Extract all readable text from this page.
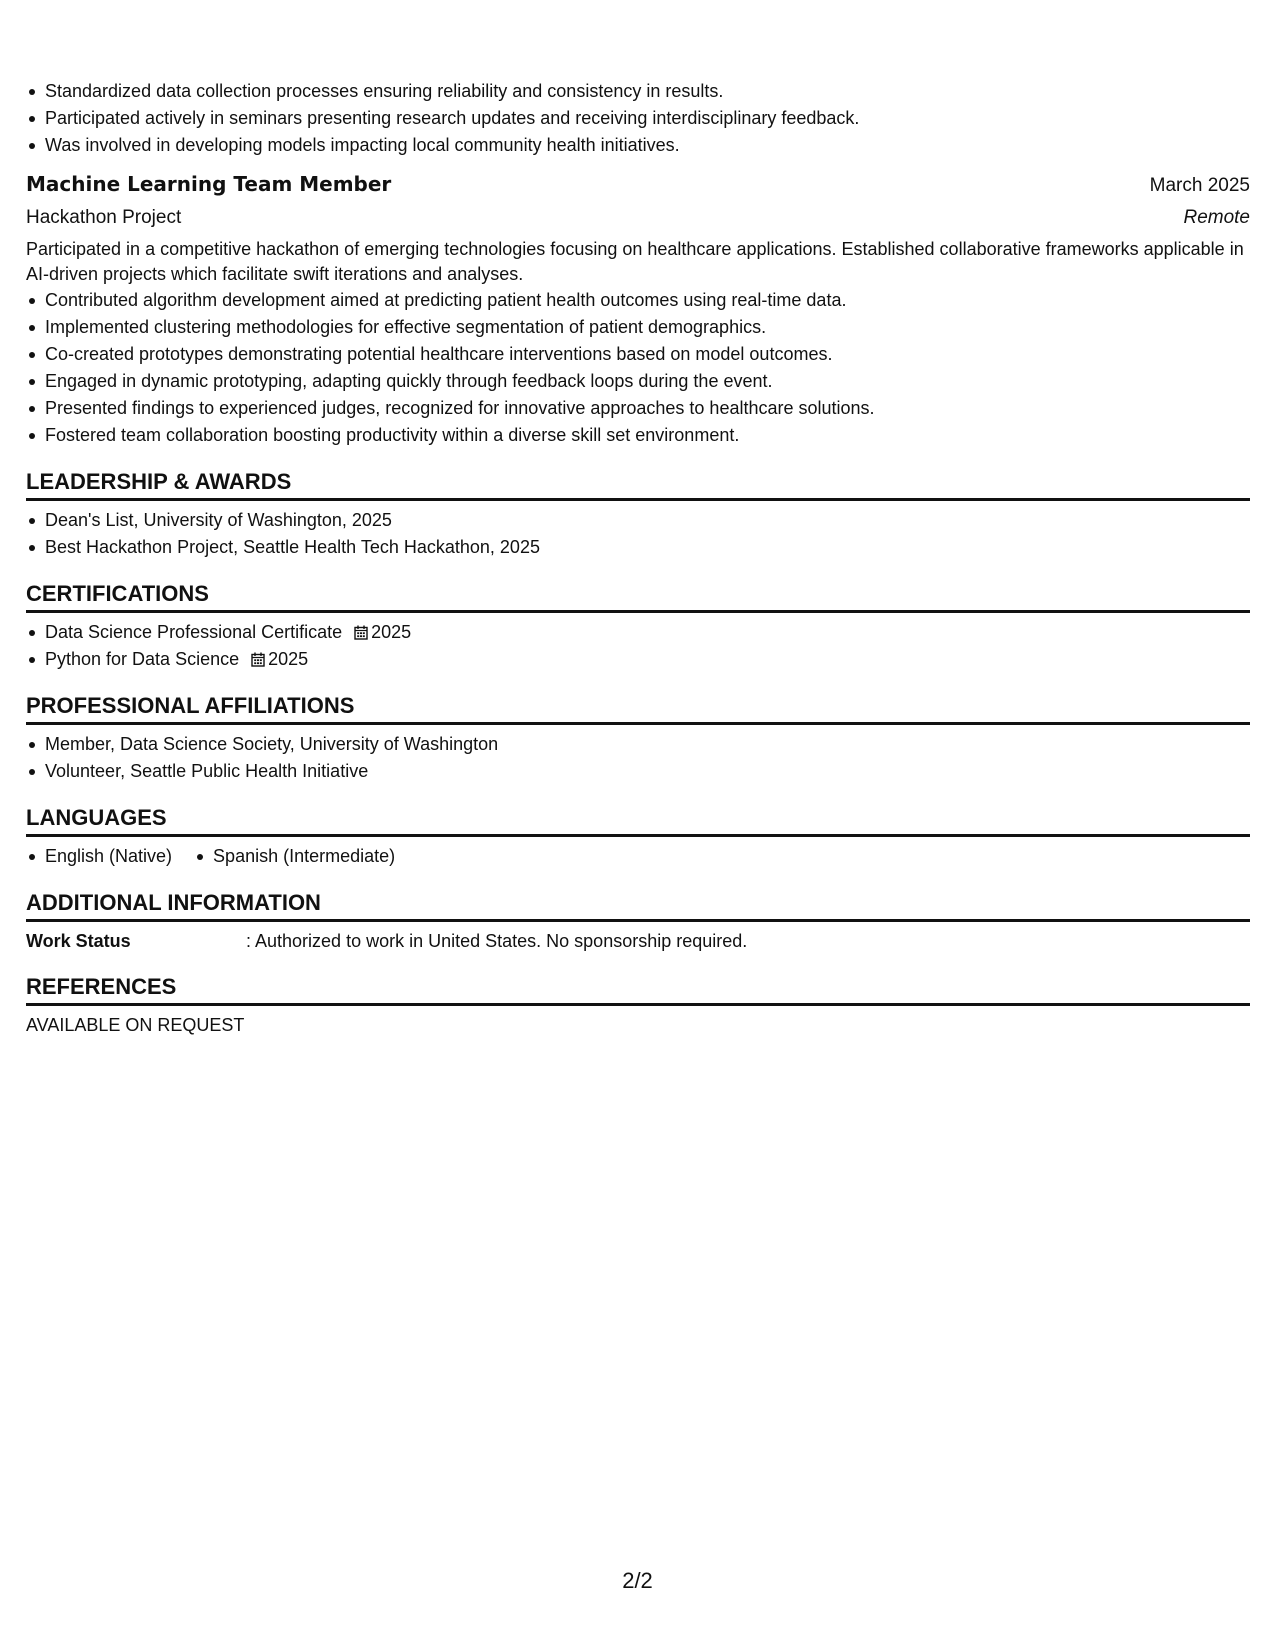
Standardized data collection processes ensuring reliability and consistency in results.
Participated actively in seminars presenting research updates and receiving interdisciplinary feedback.
Was involved in developing models impacting local community health initiatives.
Machine Learning Team Member	March 2025
Hackathon Project	Remote
Participated in a competitive hackathon of emerging technologies focusing on healthcare applications. Established collaborative frameworks applicable in AI-driven projects which facilitate swift iterations and analyses.
Contributed algorithm development aimed at predicting patient health outcomes using real-time data.
Implemented clustering methodologies for effective segmentation of patient demographics.
Co-created prototypes demonstrating potential healthcare interventions based on model outcomes.
Engaged in dynamic prototyping, adapting quickly through feedback loops during the event.
Presented findings to experienced judges, recognized for innovative approaches to healthcare solutions.
Fostered team collaboration boosting productivity within a diverse skill set environment.
LEADERSHIP & AWARDS
Dean's List, University of Washington, 2025
Best Hackathon Project, Seattle Health Tech Hackathon, 2025
CERTIFICATIONS
Data Science Professional Certificate 2025
Python for Data Science 2025
PROFESSIONAL AFFILIATIONS
Member, Data Science Society, University of Washington
Volunteer, Seattle Public Health Initiative
LANGUAGES
English (Native)	Spanish (Intermediate)
ADDITIONAL INFORMATION
Work Status	: Authorized to work in United States. No sponsorship required.
REFERENCES
AVAILABLE ON REQUEST
2/2
